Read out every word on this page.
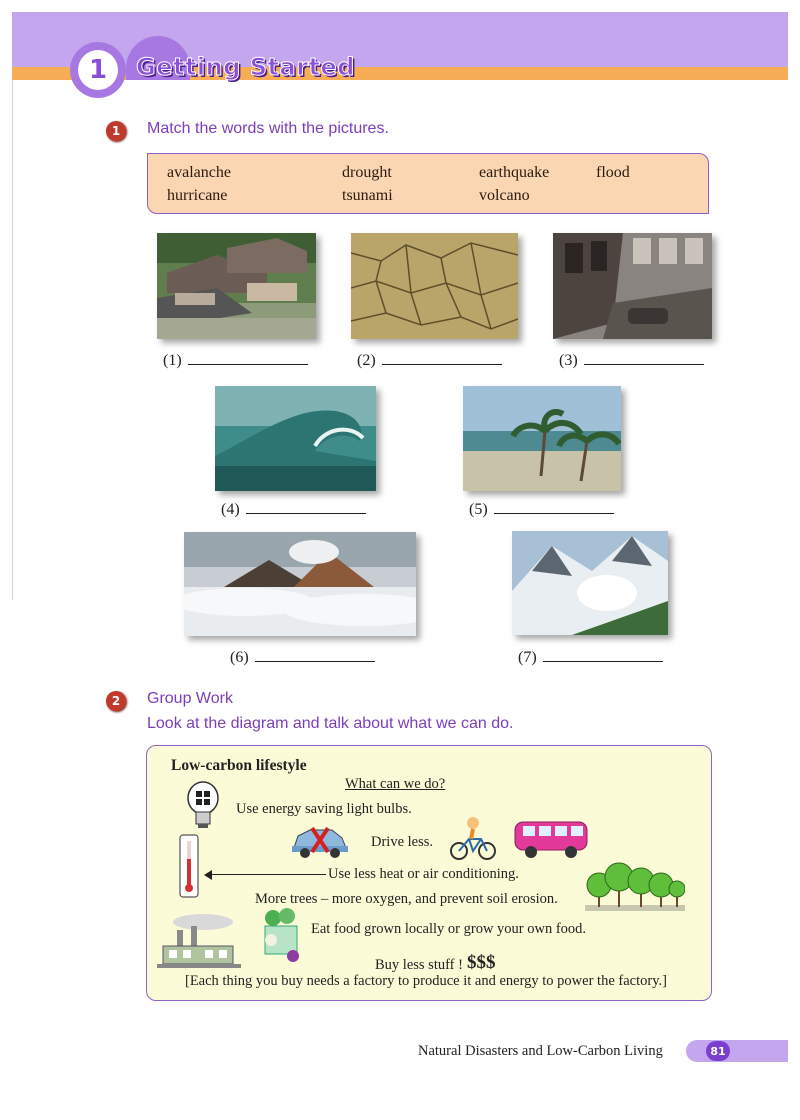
1	Getting Started
1	Match the words with the pictures.
avalanche	drought	earthquake	flood
hurricane	tsunami	volcano
(1)	(2)	(3)
(4)	(5)
(6)	(7)
2	Group Work
Look at the diagram and talk about what we can do.
Low-carbon lifestyle
What can we do?
Use energy saving light bulbs.
Drive less.
Use less heat or air conditioning.
More trees – more oxygen, and prevent soil erosion.
Eat food grown locally or grow your own food.
Buy less stuff ! $$$
[Each thing you buy needs a factory to produce it and energy to power the factory.]
Natural Disasters and Low-Carbon Living	81
